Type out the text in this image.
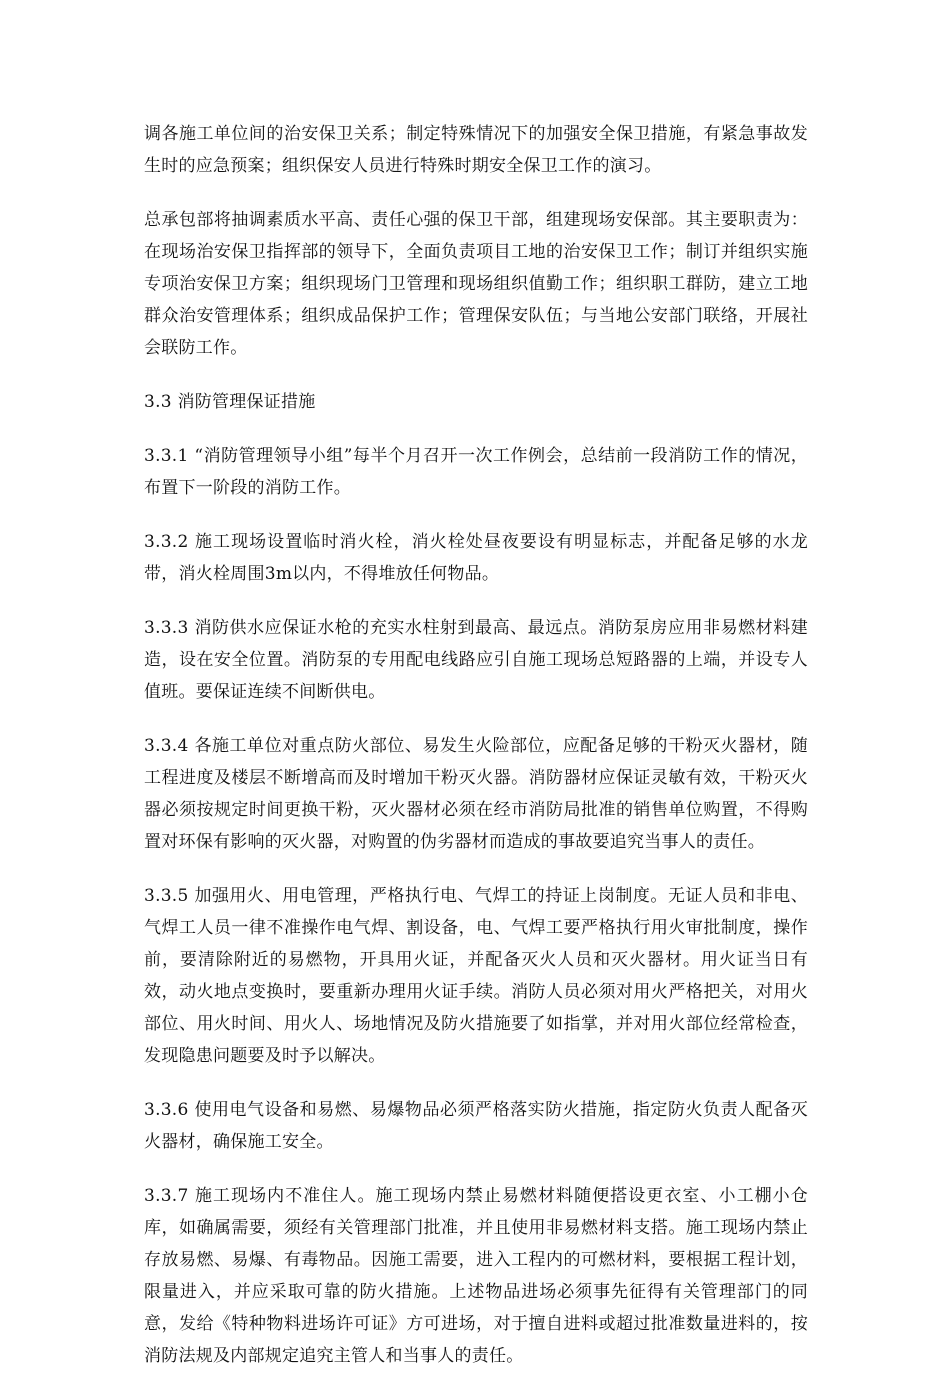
调各施工单位间的治安保卫关系；制定特殊情况下的加强安全保卫措施，有紧急事故发生时的应急预案；组织保安人员进行特殊时期安全保卫工作的演习。

总承包部将抽调素质水平高、责任心强的保卫干部，组建现场安保部。其主要职责为：在现场治安保卫指挥部的领导下，全面负责项目工地的治安保卫工作；制订并组织实施专项治安保卫方案；组织现场门卫管理和现场组织值勤工作；组织职工群防，建立工地群众治安管理体系；组织成品保护工作；管理保安队伍；与当地公安部门联络，开展社会联防工作。

3.3 消防管理保证措施

3.3.1 “消防管理领导小组”每半个月召开一次工作例会，总结前一段消防工作的情况，布置下一阶段的消防工作。

3.3.2 施工现场设置临时消火栓，消火栓处昼夜要设有明显标志，并配备足够的水龙带，消火栓周围3m以内，不得堆放任何物品。

3.3.3 消防供水应保证水枪的充实水柱射到最高、最远点。消防泵房应用非易燃材料建造，设在安全位置。消防泵的专用配电线路应引自施工现场总短路器的上端，并设专人值班。要保证连续不间断供电。

3.3.4 各施工单位对重点防火部位、易发生火险部位，应配备足够的干粉灭火器材，随工程进度及楼层不断增高而及时增加干粉灭火器。消防器材应保证灵敏有效，干粉灭火器必须按规定时间更换干粉，灭火器材必须在经市消防局批准的销售单位购置，不得购置对环保有影响的灭火器，对购置的伪劣器材而造成的事故要追究当事人的责任。

3.3.5 加强用火、用电管理，严格执行电、气焊工的持证上岗制度。无证人员和非电、气焊工人员一律不准操作电气焊、割设备，电、气焊工要严格执行用火审批制度，操作前，要清除附近的易燃物，开具用火证，并配备灭火人员和灭火器材。用火证当日有效，动火地点变换时，要重新办理用火证手续。消防人员必须对用火严格把关，对用火部位、用火时间、用火人、场地情况及防火措施要了如指掌，并对用火部位经常检查，发现隐患问题要及时予以解决。

3.3.6 使用电气设备和易燃、易爆物品必须严格落实防火措施，指定防火负责人配备灭火器材，确保施工安全。

3.3.7 施工现场内不准住人。施工现场内禁止易燃材料随便搭设更衣室、小工棚小仓库，如确属需要，须经有关管理部门批准，并且使用非易燃材料支搭。施工现场内禁止存放易燃、易爆、有毒物品。因施工需要，进入工程内的可燃材料，要根据工程计划，限量进入，并应采取可靠的防火措施。上述物品进场必须事先征得有关管理部门的同意，发给《特种物料进场许可证》方可进场，对于擅自进料或超过批准数量进料的，按消防法规及内部规定追究主管人和当事人的责任。
